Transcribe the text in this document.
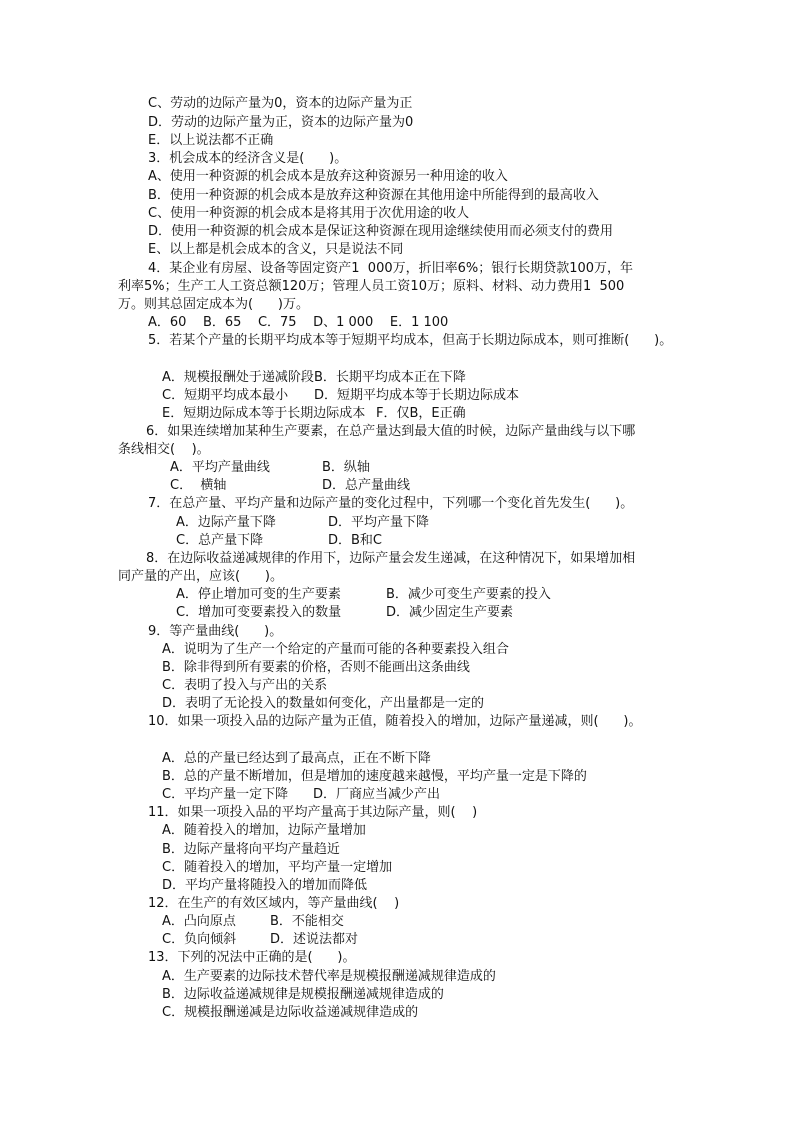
C、劳动的边际产量为0，资本的边际产量为正
D．劳动的边际产量为正，资本的边际产量为0
E．以上说法都不正确
3．机会成本的经济含义是(      )。
A、使用一种资源的机会成本是放弃这种资源另一种用途的收入
B．使用一种资源的机会成本是放弃这种资源在其他用途中所能得到的最高收入
C、使用一种资源的机会成本是将其用于次优用途的收人
D．使用一种资源的机会成本是保证这种资源在现用途继续使用而必须支付的费用
E、以上都是机会成本的含义，只是说法不同
4．某企业有房屋、设备等固定资产1  000万，折旧率6%；银行长期贷款100万，年
利率5%；生产工人工资总额120万；管理人员工资10万；原料、材料、动力费用1  500
万。则其总固定成本为(      )万。
A．60    B．65    C．75    D、1 000    E．1 100
5．若某个产量的长期平均成本等于短期平均成本，但高于长期边际成本，则可推断(      )。
A．规模报酬处于递减阶段 B．长期平均成本正在下降
C．短期平均成本最小 D．短期平均成本等于长期边际成本
E．短期边际成本等于长期边际成本 F．仅B，E正确
6．如果连续增加某种生产要素，在总产量达到最大值的时候，边际产量曲线与以下哪
条线相交(    )。
A．平均产量曲线	B．纵轴
C．  横轴	D．总产量曲线
7．在总产量、平均产量和边际产量的变化过程中，下列哪一个变化首先发生(      )。
A．边际产量下降	D．平均产量下降
C．总产量下降	D．B和C
8．在边际收益递减规律的作用下，边际产量会发生递减，在这种情况下，如果增加相
同产量的产出，应该(      )。
A．停止增加可变的生产要素	B．减少可变生产要素的投入
C．增加可变要素投入的数量	D．减少固定生产要素
9．等产量曲线(      )。
A．说明为了生产一个给定的产量而可能的各种要素投入组合
B．除非得到所有要素的价格，否则不能画出这条曲线
C．表明了投入与产出的关系
D．表明了无论投入的数量如何变化，产出量都是一定的
10．如果一项投入品的边际产量为正值，随着投入的增加，边际产量递减，则(      )。
A．总的产量已经达到了最高点，正在不断下降
B．总的产量不断增加，但是增加的速度越来越慢，平均产量一定是下降的
C．平均产量一定下降 D．厂商应当减少产出
11．如果一项投入品的平均产量高于其边际产量，则(    )
A．随着投入的增加，边际产量增加
B．边际产量将向平均产量趋近
C．随着投入的增加，平均产量一定增加
D．平均产量将随投入的增加而降低
12．在生产的有效区域内，等产量曲线(    )
A．凸向原点	B．不能相交
C．负向倾斜	D．述说法都对
13．下列的况法中正确的是(      )。
A．生产要素的边际技术替代率是规模报酬递减规律造成的
B．边际收益递减规律是规模报酬递减规律造成的
C．规模报酬递减是边际收益递减规律造成的
